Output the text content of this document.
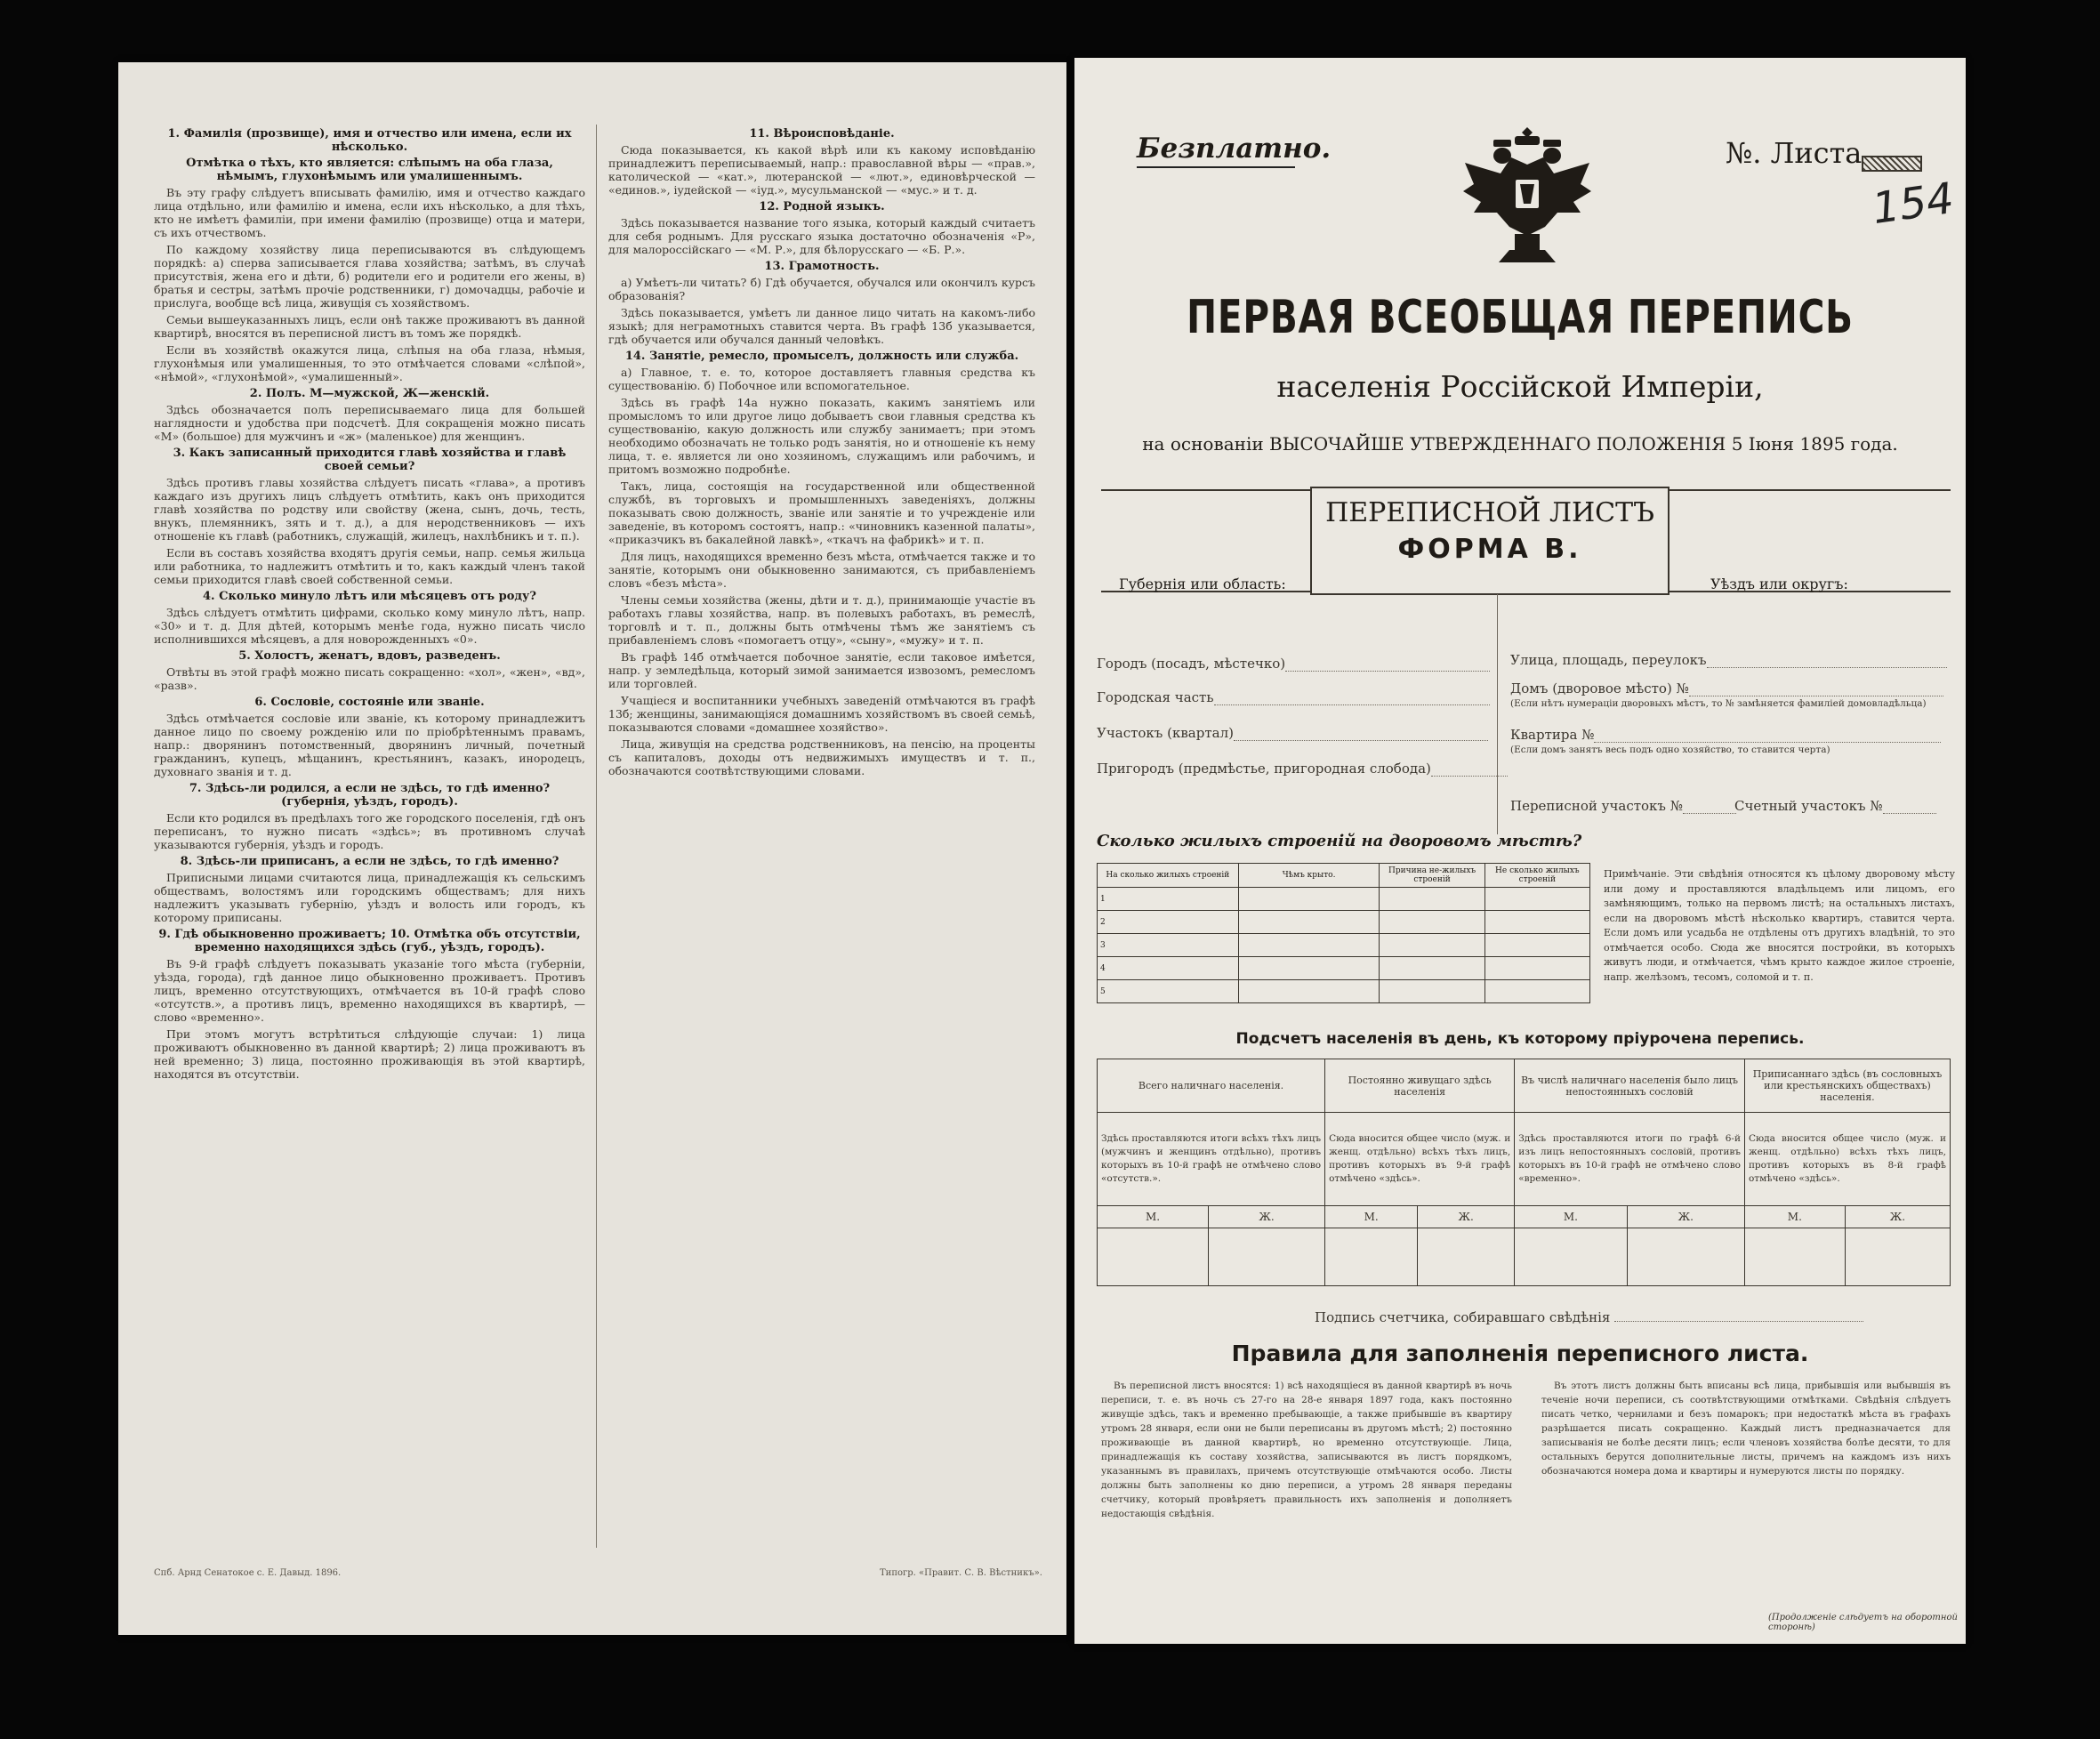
1. Фамилія (прозвище), имя и отчество или имена, если их нѣсколько.

Отмѣтка о тѣхъ, кто является: слѣпымъ на оба глаза, нѣмымъ, глухонѣмымъ или умалишеннымъ.

Въ эту графу слѣдуетъ вписывать фамилію, имя и отчество каждаго лица отдѣльно, или фамилію и имена, если ихъ нѣсколько, а для тѣхъ, кто не имѣетъ фамиліи, при имени фамилію (прозвище) отца и матери, съ ихъ отчествомъ.

По каждому хозяйству лица переписываются въ слѣдующемъ порядкѣ: а) сперва записывается глава хозяйства; затѣмъ, въ случаѣ присутствія, жена его и дѣти, б) родители его и родители его жены, в) братья и сестры, затѣмъ прочіе родственники, г) домочадцы, рабочіе и прислуга, вообще всѣ лица, живущія съ хозяйствомъ.

Семьи вышеуказанныхъ лицъ, если онѣ также проживаютъ въ данной квартирѣ, вносятся въ переписной листъ въ томъ же порядкѣ.

Если въ хозяйствѣ окажутся лица, слѣпыя на оба глаза, нѣмыя, глухонѣмыя или умалишенныя, то это отмѣчается словами «слѣпой», «нѣмой», «глухонѣмой», «умалишенный».

2. Полъ. М—мужской, Ж—женскій.

Здѣсь обозначается полъ переписываемаго лица для большей наглядности и удобства при подсчетѣ. Для сокращенія можно писать «М» (большое) для мужчинъ и «ж» (маленькое) для женщинъ.

3. Какъ записанный приходится главѣ хозяйства и главѣ своей семьи?

Здѣсь противъ главы хозяйства слѣдуетъ писать «глава», а противъ каждаго изъ другихъ лицъ слѣдуетъ отмѣтить, какъ онъ приходится главѣ хозяйства по родству или свойству (жена, сынъ, дочь, тесть, внукъ, племянникъ, зять и т. д.), а для неродственниковъ — ихъ отношеніе къ главѣ (работникъ, служащій, жилецъ, нахлѣбникъ и т. п.).

Если въ составъ хозяйства входятъ другія семьи, напр. семья жильца или работника, то надлежитъ отмѣтить и то, какъ каждый членъ такой семьи приходится главѣ своей собственной семьи.

4. Сколько минуло лѣтъ или мѣсяцевъ отъ роду?

Здѣсь слѣдуетъ отмѣтить цифрами, сколько кому минуло лѣтъ, напр. «30» и т. д. Для дѣтей, которымъ менѣе года, нужно писать число исполнившихся мѣсяцевъ, а для новорожденныхъ «0».

5. Холостъ, женатъ, вдовъ, разведенъ.

Отвѣты въ этой графѣ можно писать сокращенно: «хол», «жен», «вд», «разв».

6. Сословіе, состояніе или званіе.

Здѣсь отмѣчается сословіе или званіе, къ которому принадлежитъ данное лицо по своему рожденію или по пріобрѣтеннымъ правамъ, напр.: дворянинъ потомственный, дворянинъ личный, почетный гражданинъ, купецъ, мѣщанинъ, крестьянинъ, казакъ, инородецъ, духовнаго званія и т. д.

7. Здѣсь-ли родился, а если не здѣсь, то гдѣ именно? (губернія, уѣздъ, городъ).

Если кто родился въ предѣлахъ того же городского поселенія, гдѣ онъ переписанъ, то нужно писать «здѣсь»; въ противномъ случаѣ указываются губернія, уѣздъ и городъ.

8. Здѣсь-ли приписанъ, а если не здѣсь, то гдѣ именно?

Приписными лицами считаются лица, принадлежащія къ сельскимъ обществамъ, волостямъ или городскимъ обществамъ; для нихъ надлежитъ указывать губернію, уѣздъ и волость или городъ, къ которому приписаны.

9. Гдѣ обыкновенно проживаетъ; 10. Отмѣтка объ отсутствіи, временно находящихся здѣсь (губ., уѣздъ, городъ).

Въ 9-й графѣ слѣдуетъ показывать указаніе того мѣста (губерніи, уѣзда, города), гдѣ данное лицо обыкновенно проживаетъ. Противъ лицъ, временно отсутствующихъ, отмѣчается въ 10-й графѣ слово «отсутств.», а противъ лицъ, временно находящихся въ квартирѣ, — слово «временно».

При этомъ могутъ встрѣтиться слѣдующіе случаи: 1) лица проживаютъ обыкновенно въ данной квартирѣ; 2) лица проживаютъ въ ней временно; 3) лица, постоянно проживающія въ этой квартирѣ, находятся въ отсутствіи.

11. Вѣроисповѣданіе.

Сюда показывается, къ какой вѣрѣ или къ какому исповѣданію принадлежитъ переписываемый, напр.: православной вѣры — «прав.», католической — «кат.», лютеранской — «лют.», единовѣрческой — «единов.», іудейской — «іуд.», мусульманской — «мус.» и т. д.

12. Родной языкъ.

Здѣсь показывается название того языка, который каждый считаетъ для себя роднымъ. Для русскаго языка достаточно обозначенія «Р», для малороссійскаго — «М. Р.», для бѣлорусскаго — «Б. Р.».

13. Грамотность.

а) Умѣетъ-ли читать? б) Гдѣ обучается, обучался или окончилъ курсъ образованія?

Здѣсь показывается, умѣетъ ли данное лицо читать на какомъ-либо языкѣ; для неграмотныхъ ставится черта. Въ графѣ 13б указывается, гдѣ обучается или обучался данный человѣкъ.

14. Занятіе, ремесло, промыселъ, должность или служба.

а) Главное, т. е. то, которое доставляетъ главныя средства къ существованію. б) Побочное или вспомогательное.

Здѣсь въ графѣ 14а нужно показать, какимъ занятіемъ или промысломъ то или другое лицо добываетъ свои главныя средства къ существованію, какую должность или службу занимаетъ; при этомъ необходимо обозначать не только родъ занятія, но и отношеніе къ нему лица, т. е. является ли оно хозяиномъ, служащимъ или рабочимъ, и притомъ возможно подробнѣе.

Такъ, лица, состоящія на государственной или общественной службѣ, въ торговыхъ и промышленныхъ заведеніяхъ, должны показывать свою должность, званіе или занятіе и то учрежденіе или заведеніе, въ которомъ состоятъ, напр.: «чиновникъ казенной палаты», «приказчикъ въ бакалейной лавкѣ», «ткачъ на фабрикѣ» и т. п.

Для лицъ, находящихся временно безъ мѣста, отмѣчается также и то занятіе, которымъ они обыкновенно занимаются, съ прибавленіемъ словъ «безъ мѣста».

Члены семьи хозяйства (жены, дѣти и т. д.), принимающіе участіе въ работахъ главы хозяйства, напр. въ полевыхъ работахъ, въ ремеслѣ, торговлѣ и т. п., должны быть отмѣчены тѣмъ же занятіемъ съ прибавленіемъ словъ «помогаетъ отцу», «сыну», «мужу» и т. п.

Въ графѣ 14б отмѣчается побочное занятіе, если таковое имѣется, напр. у земледѣльца, который зимой занимается извозомъ, ремесломъ или торговлей.

Учащіеся и воспитанники учебныхъ заведеній отмѣчаются въ графѣ 13б; женщины, занимающіяся домашнимъ хозяйствомъ въ своей семьѣ, показываются словами «домашнее хозяйство».

Лица, живущія на средства родственниковъ, на пенсію, на проценты съ капиталовъ, доходы отъ недвижимыхъ имуществъ и т. п., обозначаются соотвѣтствующими словами.

Спб. Арнд Сенатокое с. Е. Давыд. 1896.	Типогр. «Правит. С. В. Вѣстникъ».
Безплатно.	№. Листа
154
ПЕРВАЯ ВСЕОБЩАЯ ПЕРЕПИСЬ
населенія Россійской Имперіи,
на основаніи ВЫСОЧАЙШЕ УТВЕРЖДЕННАГО ПОЛОЖЕНІЯ 5 Іюня 1895 года.
Губернія или область:	Уѣздъ или округъ:
ПЕРЕПИСНОЙ ЛИСТЪ
ФОРМА В.
Городъ (посадъ, мѣстечко)
Городская часть
Участокъ (квартал)
Пригородъ (предмѣстье, пригородная слобода)
Улица, площадь, переулокъ
Домъ (дворовое мѣсто) №
(Если нѣтъ нумераціи дворовыхъ мѣстъ, то № замѣняется фамиліей домовладѣльца)
Квартира №
(Если домъ занятъ весь подъ одно хозяйство, то ставится черта)
Переписной участокъ №	Счетный участокъ №
Сколько жилыхъ строеній на дворовомъ мѣстѣ?
На сколько жилыхъ строеній	Чѣмъ крыто.	Причина не-жилыхъ строеній	Не сколько жилыхъ строеній
1			
2			
3			
4			
5			
Примѣчаніе. Эти свѣдѣнія относятся къ цѣлому дворовому мѣсту или дому и проставляются владѣльцемъ или лицомъ, его замѣняющимъ, только на первомъ листѣ; на остальныхъ листахъ, если на дворовомъ мѣстѣ нѣсколько квартиръ, ставится черта. Если домъ или усадьба не отдѣлены отъ другихъ владѣній, то это отмѣчается особо. Сюда же вносятся постройки, въ которыхъ живутъ люди, и отмѣчается, чѣмъ крыто каждое жилое строеніе, напр. желѣзомъ, тесомъ, соломой и т. п.
Подсчетъ населенія въ день, къ которому пріурочена перепись.
Всего наличнаго населенія.		Постоянно живущаго здѣсь населенія		Въ числѣ наличнаго населенія было лицъ непостоянныхъ сословій		Приписаннаго здѣсь (въ сословныхъ или крестьянскихъ обществахъ) населенія.	
Здѣсь проставляются итоги всѣхъ тѣхъ лицъ (мужчинъ и женщинъ отдѣльно), противъ которыхъ въ 10-й графѣ не отмѣчено слово «отсутств.».		Сюда вносится общее число (муж. и женщ. отдѣльно) всѣхъ тѣхъ лицъ, противъ которыхъ въ 9-й графѣ отмѣчено «здѣсь».		Здѣсь проставляются итоги по графѣ 6-й изъ лицъ непостоянныхъ сословій, противъ которыхъ въ 10-й графѣ не отмѣчено слово «временно».		Сюда вносится общее число (муж. и женщ. отдѣльно) всѣхъ тѣхъ лицъ, противъ которыхъ въ 8-й графѣ отмѣчено «здѣсь».	
М.	Ж.	М.	Ж.	М.	Ж.	М.	Ж.

Подпись счетчика, собиравшаго свѣдѣнія
Правила для заполненія переписного листа.

Въ переписной листъ вносятся: 1) всѣ находящіеся въ данной квартирѣ въ ночь переписи, т. е. въ ночь съ 27-го на 28-е января 1897 года, какъ постоянно живущіе здѣсь, такъ и временно пребывающіе, а также прибывшіе въ квартиру утромъ 28 января, если они не были переписаны въ другомъ мѣстѣ; 2) постоянно проживающіе въ данной квартирѣ, но временно отсутствующіе. Лица, принадлежащія къ составу хозяйства, записываются въ листъ порядкомъ, указаннымъ въ правилахъ, причемъ отсутствующіе отмѣчаются особо. Листы должны быть заполнены ко дню переписи, а утромъ 28 января переданы счетчику, который провѣряетъ правильность ихъ заполненія и дополняетъ недостающія свѣдѣнія.

Въ этотъ листъ должны быть вписаны всѣ лица, прибывшія или выбывшія въ теченіе ночи переписи, съ соотвѣтствующими отмѣтками. Свѣдѣнія слѣдуетъ писать четко, чернилами и безъ помарокъ; при недостаткѣ мѣста въ графахъ разрѣшается писать сокращенно. Каждый листъ предназначается для записыванія не болѣе десяти лицъ; если членовъ хозяйства болѣе десяти, то для остальныхъ берутся дополнительные листы, причемъ на каждомъ изъ нихъ обозначаются номера дома и квартиры и нумеруются листы по порядку.

(Продолженіе слѣдуетъ на оборотной сторонѣ)
